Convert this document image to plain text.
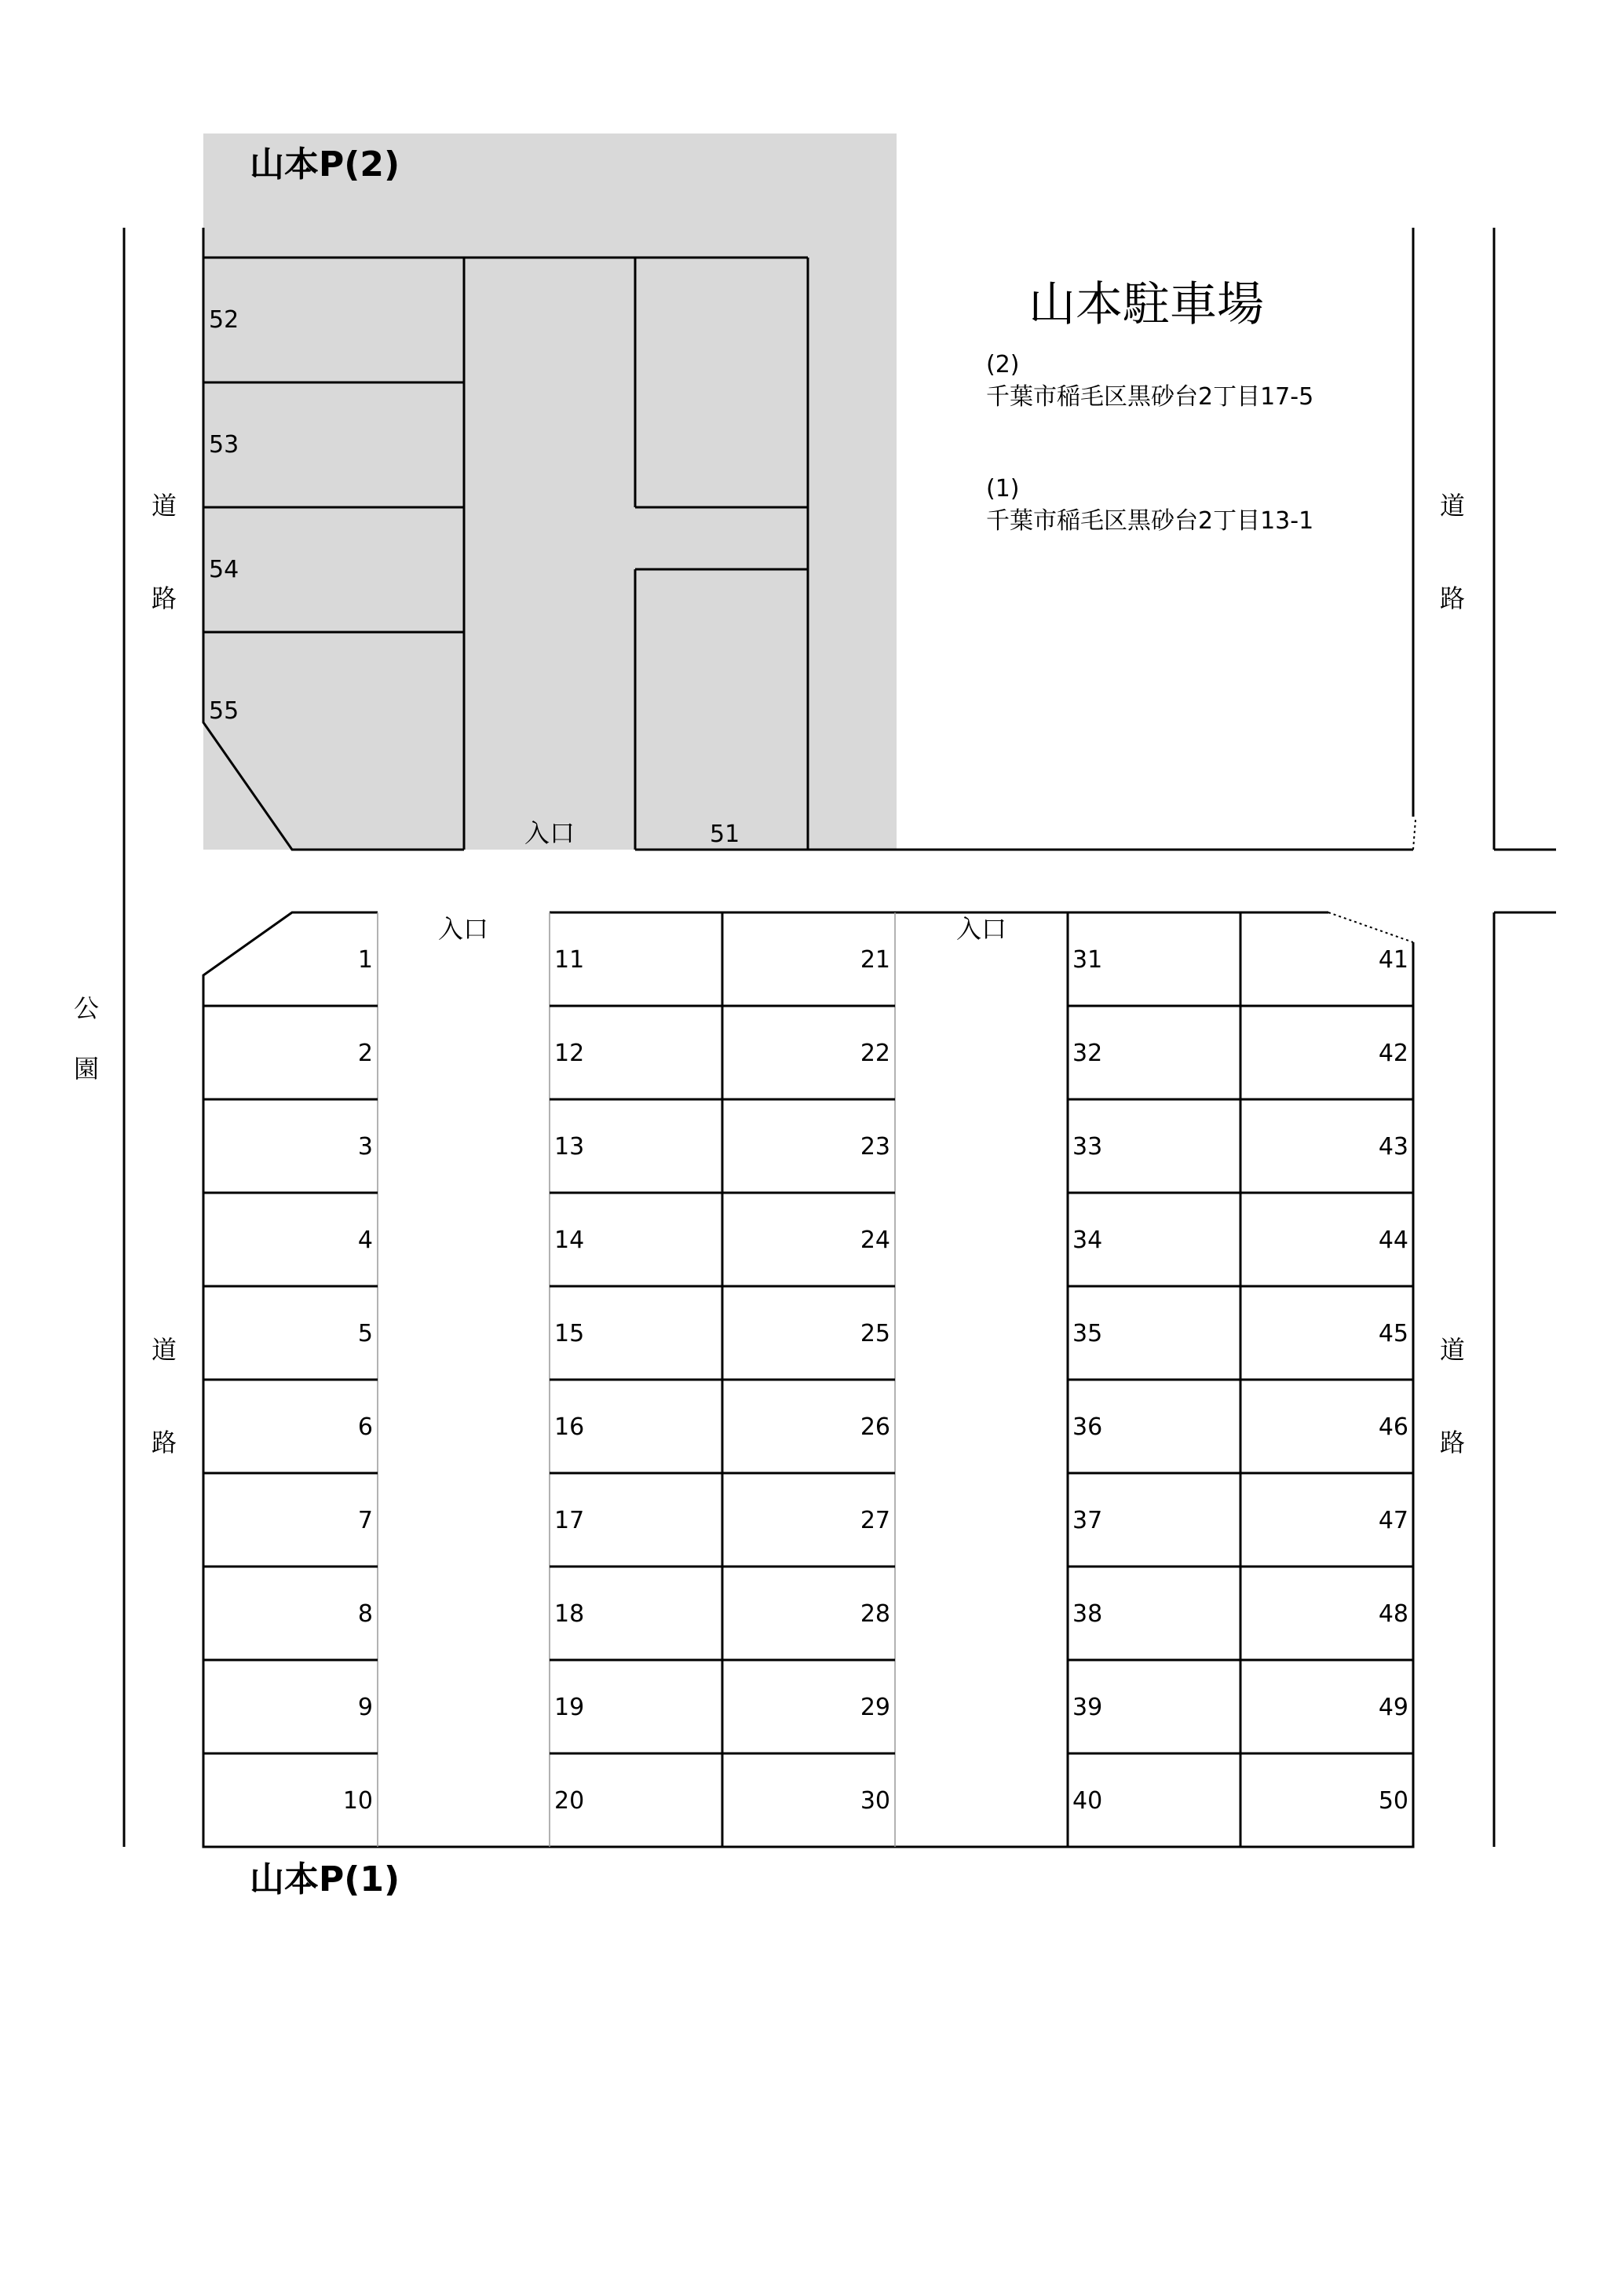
山本P(2)
52
53
54
55
51
入口
山本駐車場
(2)
千葉市稲毛区黒砂台2丁目17-5
(1)
千葉市稲毛区黒砂台2丁目13-1
道
路
道
路
公
園
道
路
道
路
入口	入口
山本P(1)
1
2
3
4
5
6
7
8
9
10
11
12
13
14
15
16
17
18
19
20
21
22
23
24
25
26
27
28
29
30
31
32
33
34
35
36
37
38
39
40
41
42
43
44
45
46
47
48
49
50
